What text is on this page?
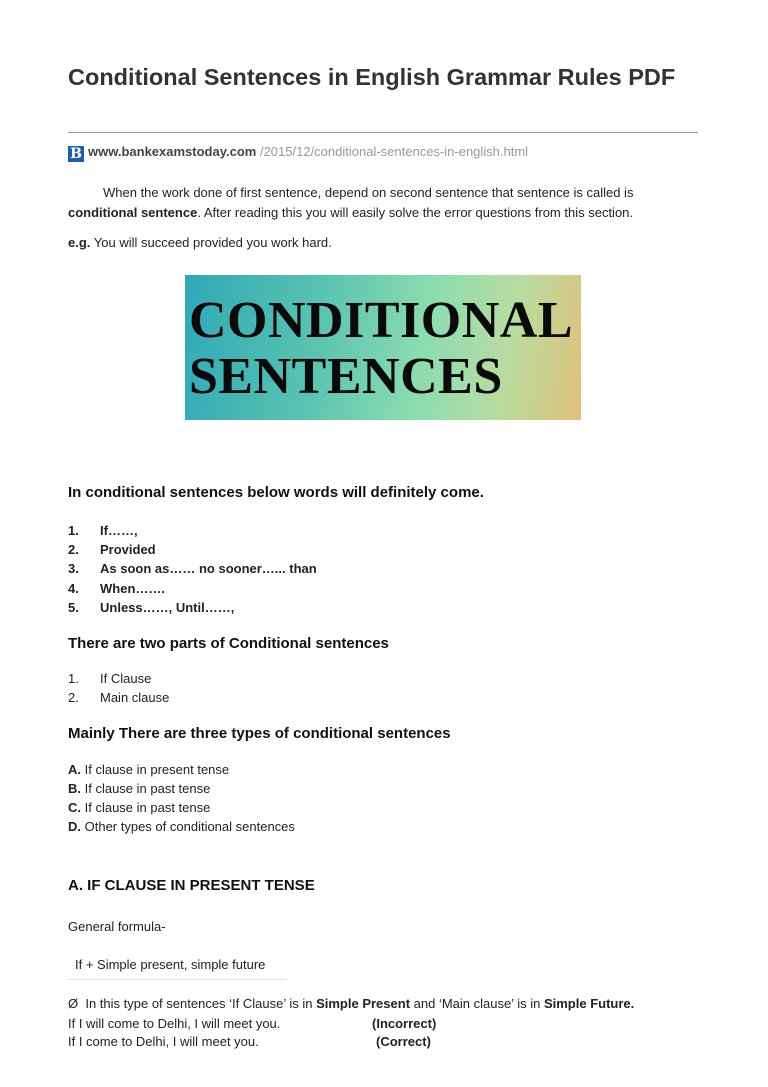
Conditional Sentences in English Grammar Rules PDF
B www.bankexamstoday.com /2015/12/conditional-sentences-in-english.html
When the work done of first sentence, depend on second sentence that sentence is called is
conditional sentence. After reading this you will easily solve the error questions from this section.
e.g. You will succeed provided you work hard.
CONDITIONAL
SENTENCES
In conditional sentences below words will definitely come.
1. If……,
2. Provided
3. As soon as…… no sooner…... than
4. When…….
5. Unless……, Until……,
There are two parts of Conditional sentences
1. If Clause
2. Main clause
Mainly There are three types of conditional sentences
A. If clause in present tense
B. If clause in past tense
C. If clause in past tense
D. Other types of conditional sentences
A. IF CLAUSE IN PRESENT TENSE
General formula-
If + Simple present, simple future
Ø  In this type of sentences ‘If Clause’ is in Simple Present and ‘Main clause’ is in Simple Future.
If I will come to Delhi, I will meet you.	(Incorrect)
If I come to Delhi, I will meet you.	(Correct)
